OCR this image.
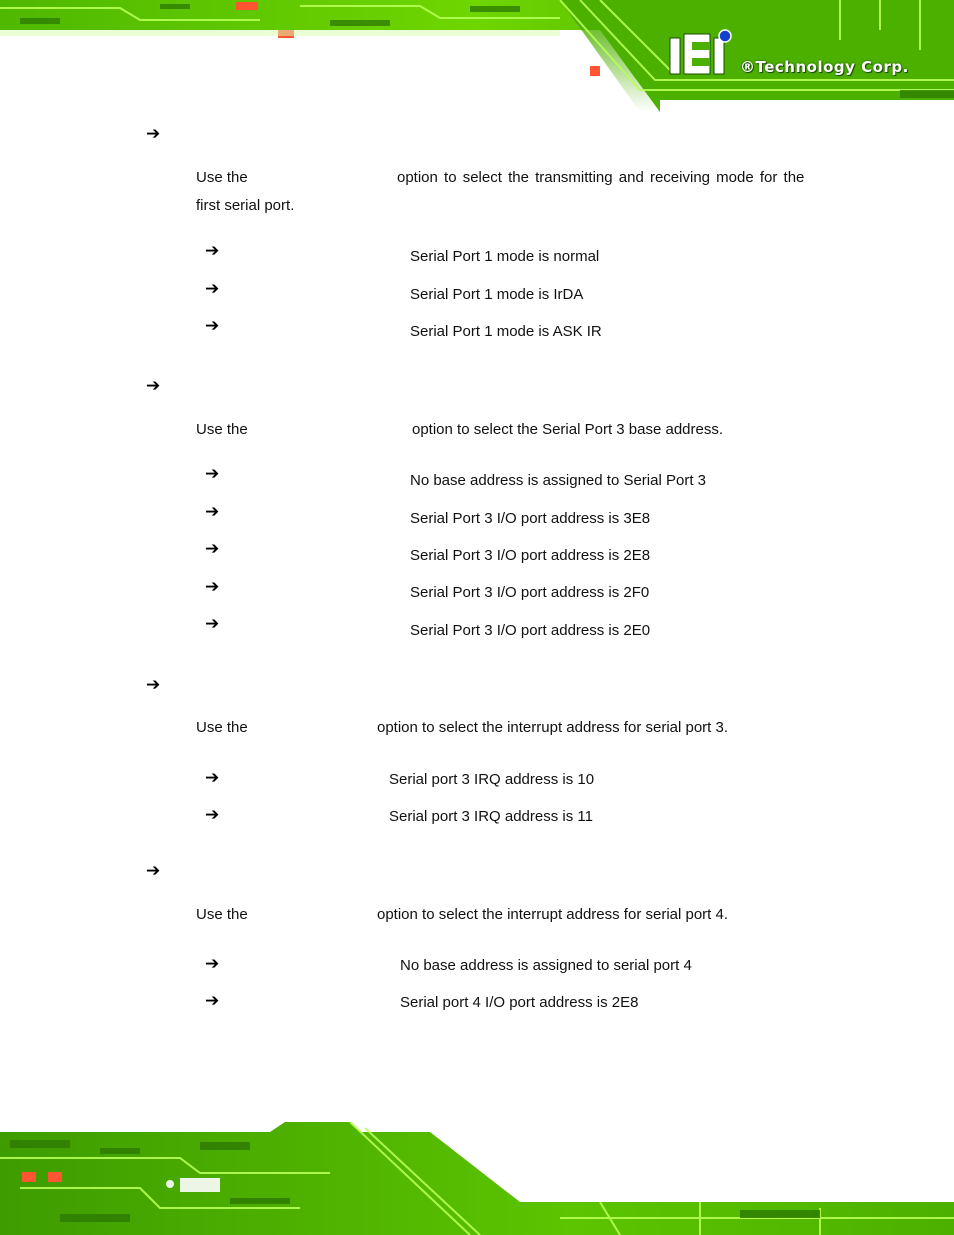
®Technology Corp.
➔
Use the	option to select the transmitting and receiving mode for the
first serial port.
➔	Serial Port 1 mode is normal
➔	Serial Port 1 mode is IrDA
➔	Serial Port 1 mode is ASK IR
➔
Use the	option to select the Serial Port 3 base address.
➔	No base address is assigned to Serial Port 3
➔	Serial Port 3 I/O port address is 3E8
➔	Serial Port 3 I/O port address is 2E8
➔	Serial Port 3 I/O port address is 2F0
➔	Serial Port 3 I/O port address is 2E0
➔
Use the	option to select the interrupt address for serial port 3.
➔	Serial port 3 IRQ address is 10
➔	Serial port 3 IRQ address is 11
➔
Use the	option to select the interrupt address for serial port 4.
➔	No base address is assigned to serial port 4
➔	Serial port 4 I/O port address is 2E8
